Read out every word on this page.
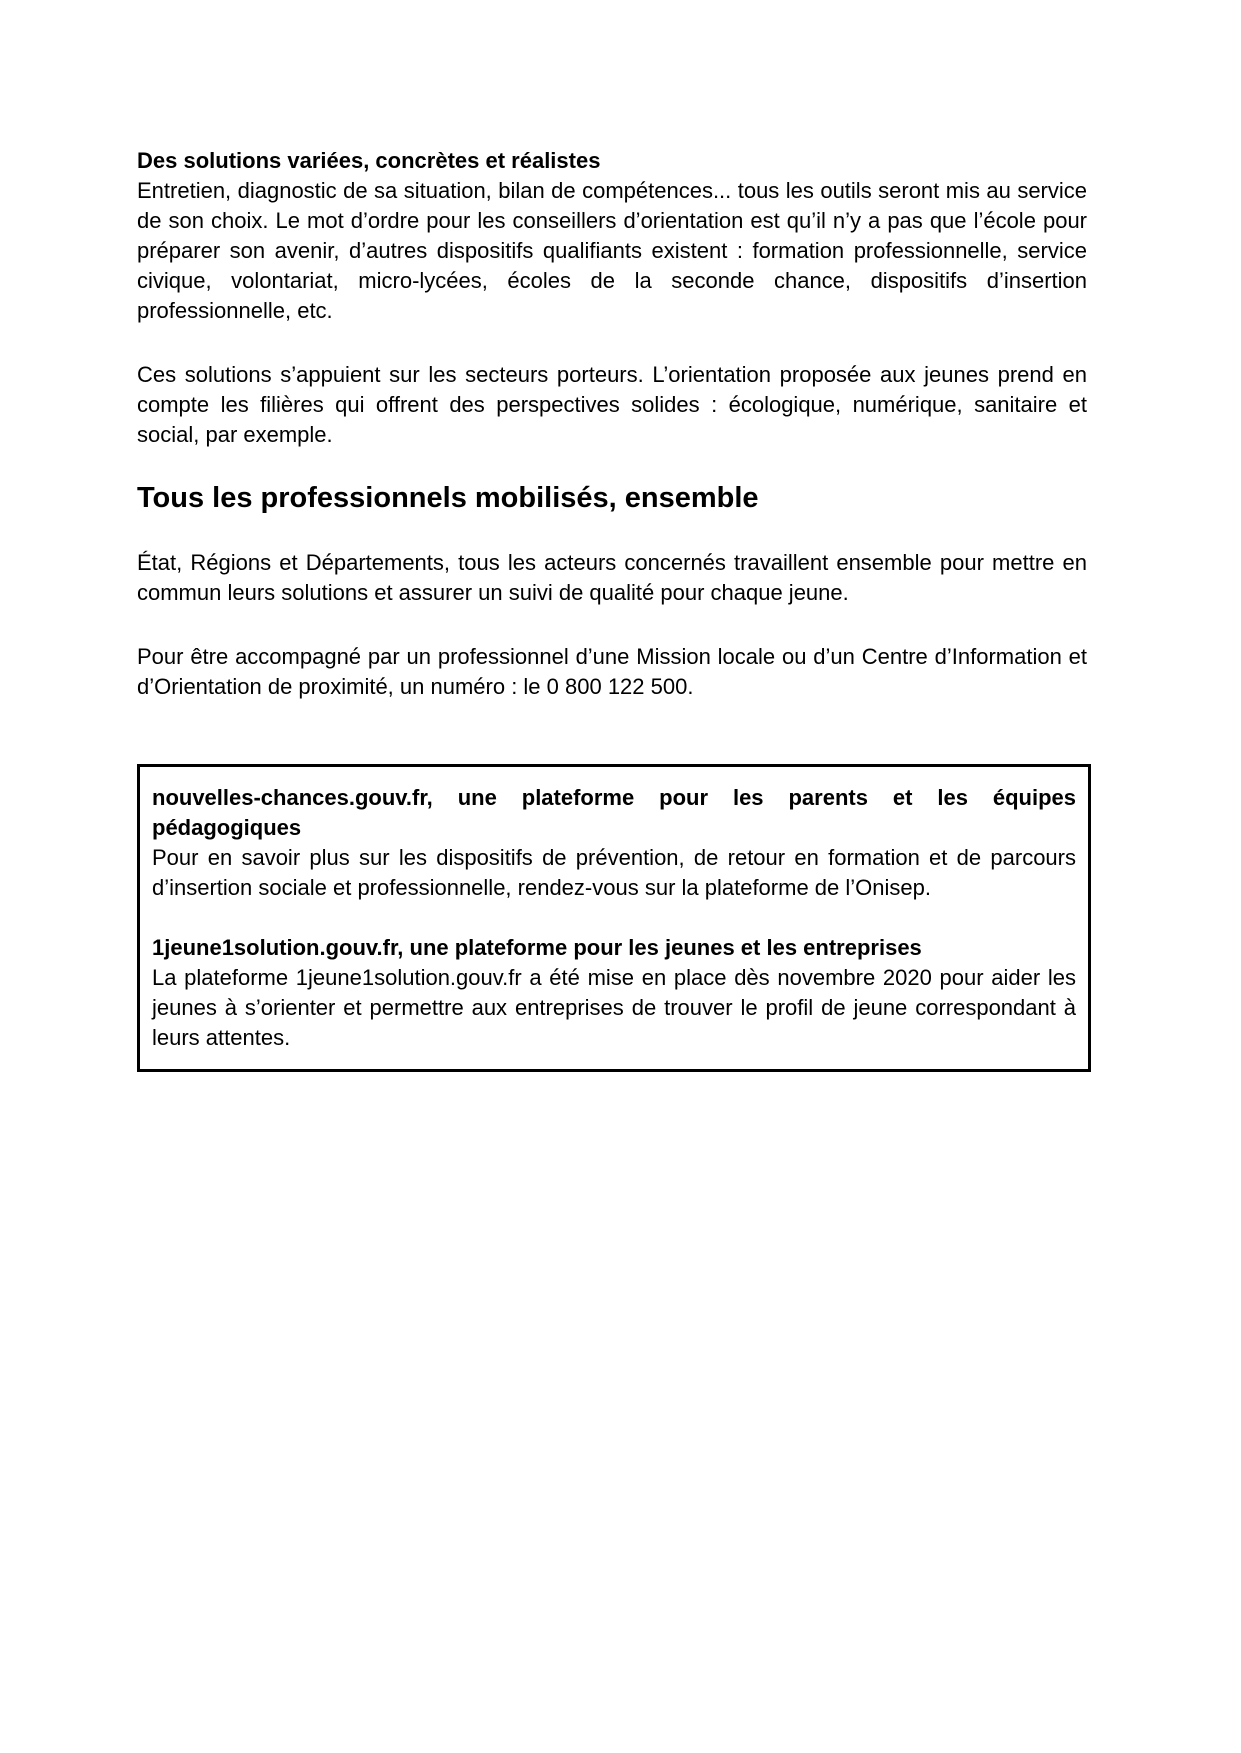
Des solutions variées, concrètes et réalistes

Entretien, diagnostic de sa situation, bilan de compétences... tous les outils seront mis au service de son choix. Le mot d’ordre pour les conseillers d’orientation est qu’il n’y a pas que l’école pour préparer son avenir, d’autres dispositifs qualifiants existent : formation professionnelle, service civique, volontariat, micro-lycées, écoles de la seconde chance, dispositifs d’insertion professionnelle, etc.

Ces solutions s’appuient sur les secteurs porteurs. L’orientation proposée aux jeunes prend en compte les filières qui offrent des perspectives solides : écologique, numérique, sanitaire et social, par exemple.

Tous les professionnels mobilisés, ensemble

État, Régions et Départements, tous les acteurs concernés travaillent ensemble pour mettre en commun leurs solutions et assurer un suivi de qualité pour chaque jeune.

Pour être accompagné par un professionnel d’une Mission locale ou d’un Centre d’Information et d’Orientation de proximité, un numéro : le 0 800 122 500.

nouvelles-chances.gouv.fr, une plateforme pour les parents et les équipes pédagogiques

Pour en savoir plus sur les dispositifs de prévention, de retour en formation et de parcours d’insertion sociale et professionnelle, rendez-vous sur la plateforme de l’Onisep.

1jeune1solution.gouv.fr, une plateforme pour les jeunes et les entreprises

La plateforme 1jeune1solution.gouv.fr a été mise en place dès novembre 2020 pour aider les jeunes à s’orienter et permettre aux entreprises de trouver le profil de jeune correspondant à leurs attentes.
